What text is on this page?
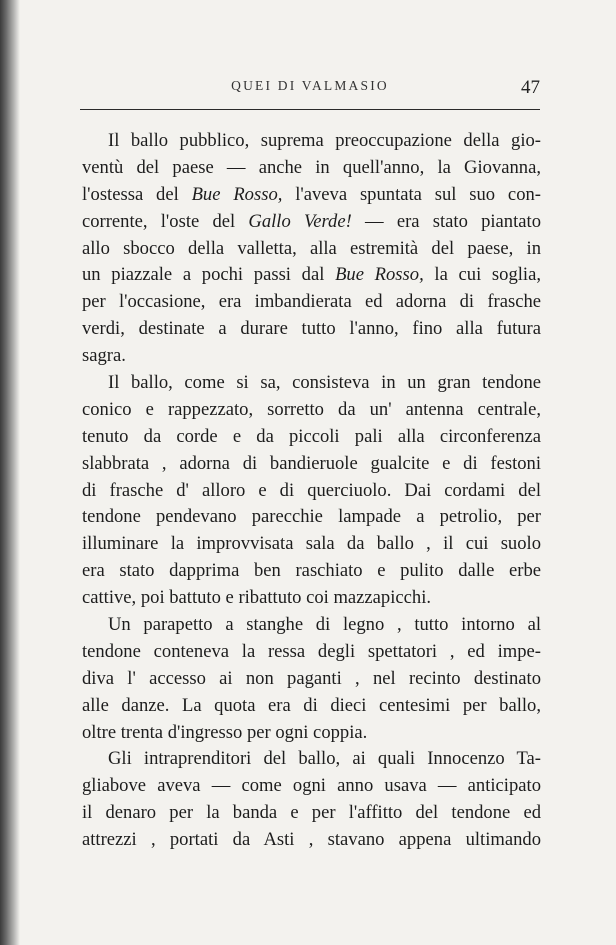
QUEI DI VALMASIO	47
Il ballo pubblico, suprema preoccupazione della gio-
ventù del paese — anche in quell'anno, la Giovanna,
l'ostessa del Bue Rosso, l'aveva spuntata sul suo con-
corrente, l'oste del Gallo Verde! — era stato piantato
allo sbocco della valletta, alla estremità del paese, in
un piazzale a pochi passi dal Bue Rosso, la cui soglia,
per l'occasione, era imbandierata ed adorna di frasche
verdi, destinate a durare tutto l'anno, fino alla futura
sagra.
Il ballo, come si sa, consisteva in un gran tendone
conico e rappezzato, sorretto da un' antenna centrale,
tenuto da corde e da piccoli pali alla circonferenza
slabbrata , adorna di bandieruole gualcite e di festoni
di frasche d' alloro e di querciuolo. Dai cordami del
tendone pendevano parecchie lampade a petrolio, per
illuminare la improvvisata sala da ballo , il cui suolo
era stato dapprima ben raschiato e pulito dalle erbe
cattive, poi battuto e ribattuto coi mazzapicchi.
Un parapetto a stanghe di legno , tutto intorno al
tendone conteneva la ressa degli spettatori , ed impe-
diva l' accesso ai non paganti , nel recinto destinato
alle danze. La quota era di dieci centesimi per ballo,
oltre trenta d'ingresso per ogni coppia.
Gli intraprenditori del ballo, ai quali Innocenzo Ta-
gliabove aveva — come ogni anno usava — anticipato
il denaro per la banda e per l'affitto del tendone ed
attrezzi , portati da Asti , stavano appena ultimando
